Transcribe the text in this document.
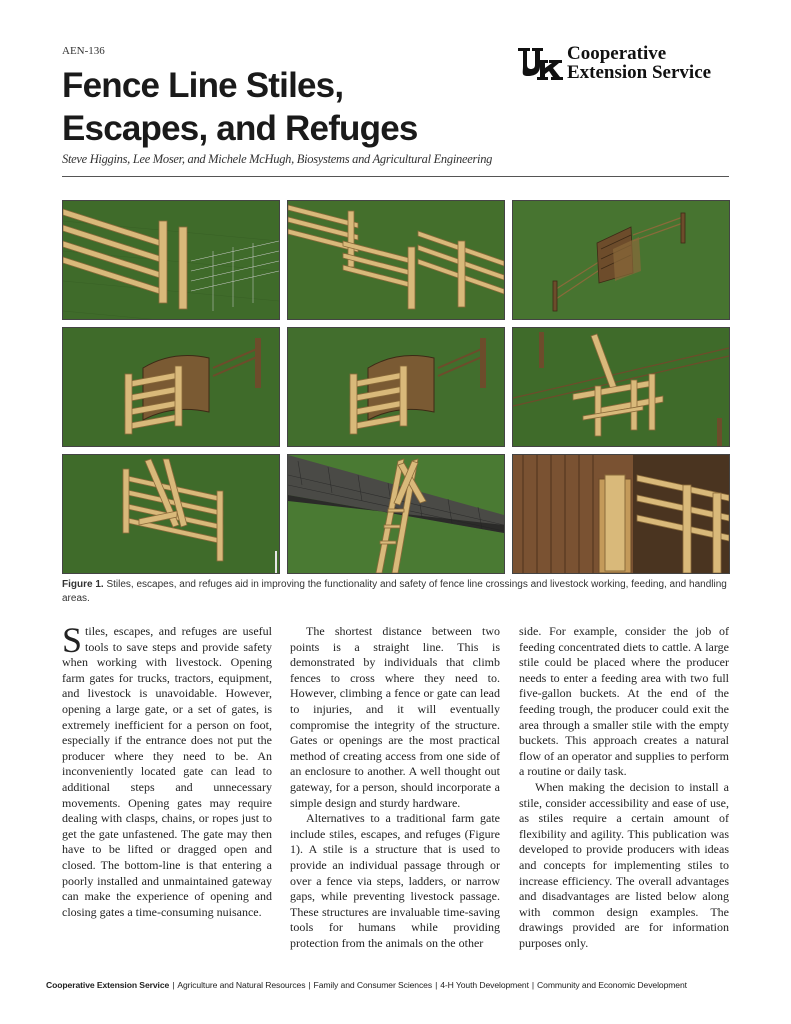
AEN-136
Fence Line Stiles,
Escapes, and Refuges
Cooperative
Extension Service
Steve Higgins, Lee Moser, and Michele McHugh, Biosystems and Agricultural Engineering
Figure 1. Stiles, escapes, and refuges aid in improving the functionality and safety of fence line crossings and livestock working, feeding, and handling areas.

Stiles, escapes, and refuges are useful tools to save steps and provide safety when working with livestock. Opening farm gates for trucks, tractors, equipment, and livestock is unavoidable. However, opening a large gate, or a set of gates, is extremely inefficient for a person on foot, especially if the entrance does not put the producer where they need to be. An inconveniently located gate can lead to additional steps and unnecessary movements. Opening gates may require dealing with clasps, chains, or ropes just to get the gate unfastened. The gate may then have to be lifted or dragged open and closed. The bottom-line is that entering a poorly installed and unmaintained gateway can make the experience of opening and closing gates a time-consuming nuisance.

The shortest distance between two points is a straight line. This is demonstrated by individuals that climb fences to cross where they need to. However, climbing a fence or gate can lead to injuries, and it will eventually compromise the integrity of the structure. Gates or openings are the most practical method of creating access from one side of an enclosure to another. A well thought out gateway, for a person, should incorporate a simple design and sturdy hardware.

Alternatives to a traditional farm gate include stiles, escapes, and refuges (Figure 1). A stile is a structure that is used to provide an individual passage through or over a fence via steps, ladders, or narrow gaps, while preventing livestock passage. These structures are invaluable time-saving tools for humans while providing protection from the animals on the other

side. For example, consider the job of feeding concentrated diets to cattle. A large stile could be placed where the producer needs to enter a feeding area with two full five-gallon buckets. At the end of the feeding trough, the producer could exit the area through a smaller stile with the empty buckets. This approach creates a natural flow of an operator and supplies to perform a routine or daily task.

When making the decision to install a stile, consider accessibility and ease of use, as stiles require a certain amount of flexibility and agility. This publication was developed to provide producers with ideas and concepts for implementing stiles to increase efficiency. The overall advantages and disadvantages are listed below along with common design examples. The drawings provided are for information purposes only.

Cooperative Extension Service | Agriculture and Natural Resources | Family and Consumer Sciences | 4-H Youth Development | Community and Economic Development
